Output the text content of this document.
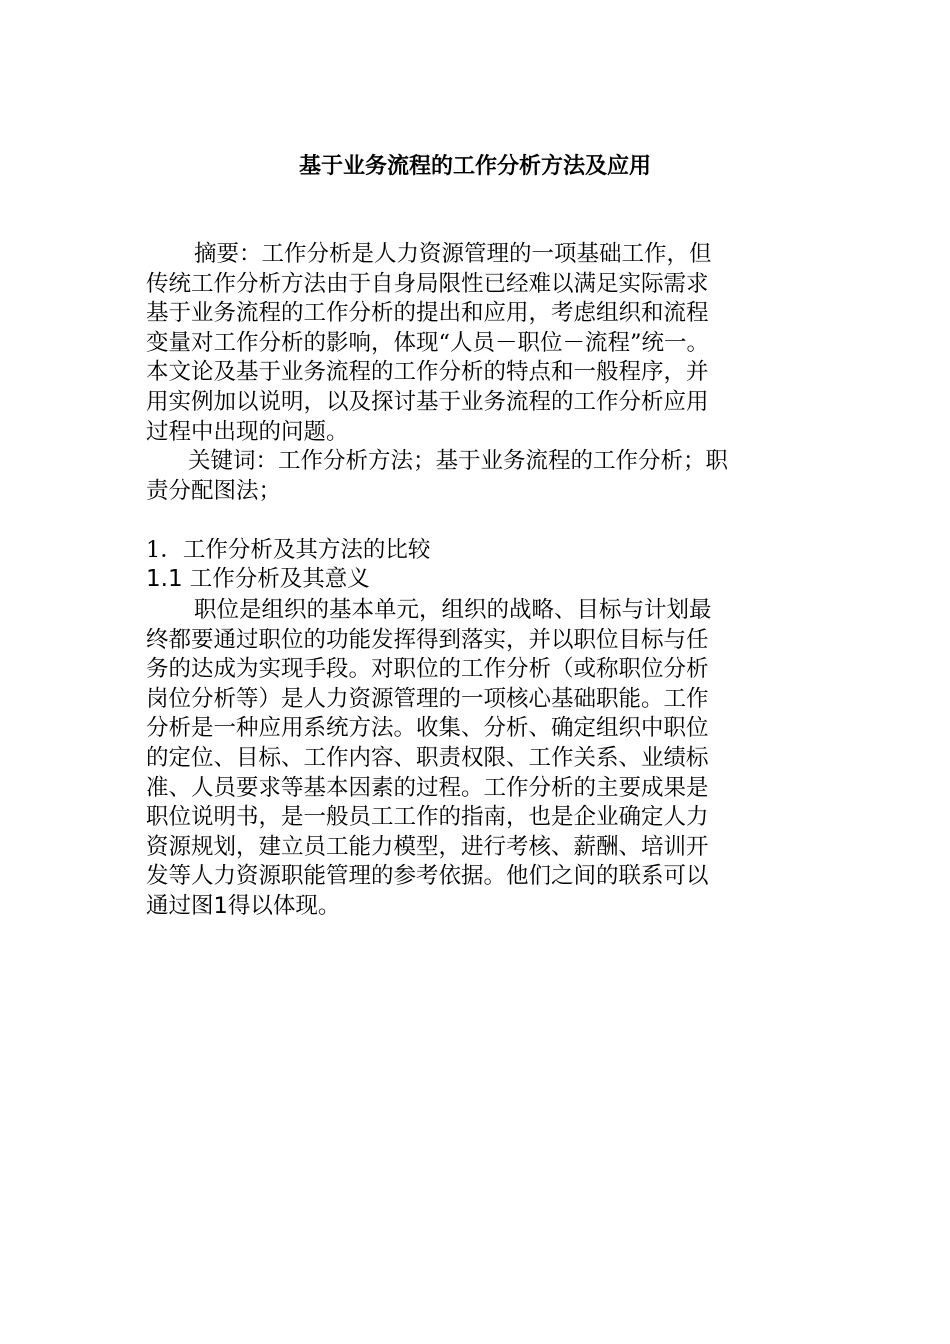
基于业务流程的工作分析方法及应用
摘要：工作分析是人力资源管理的一项基础工作，但
传统工作分析方法由于自身局限性已经难以满足实际需求
基于业务流程的工作分析的提出和应用，考虑组织和流程
变量对工作分析的影响，体现“人员－职位－流程”统一。
本文论及基于业务流程的工作分析的特点和一般程序，并
用实例加以说明，以及探讨基于业务流程的工作分析应用
过程中出现的问题。
关键词：工作分析方法；基于业务流程的工作分析；职
责分配图法；
1．工作分析及其方法的比较
1.1 工作分析及其意义
职位是组织的基本单元，组织的战略、目标与计划最
终都要通过职位的功能发挥得到落实，并以职位目标与任
务的达成为实现手段。对职位的工作分析（或称职位分析
岗位分析等）是人力资源管理的一项核心基础职能。工作
分析是一种应用系统方法。收集、分析、确定组织中职位
的定位、目标、工作内容、职责权限、工作关系、业绩标
准、人员要求等基本因素的过程。工作分析的主要成果是
职位说明书，是一般员工工作的指南，也是企业确定人力
资源规划，建立员工能力模型，进行考核、薪酬、培训开
发等人力资源职能管理的参考依据。他们之间的联系可以
通过图1得以体现。
